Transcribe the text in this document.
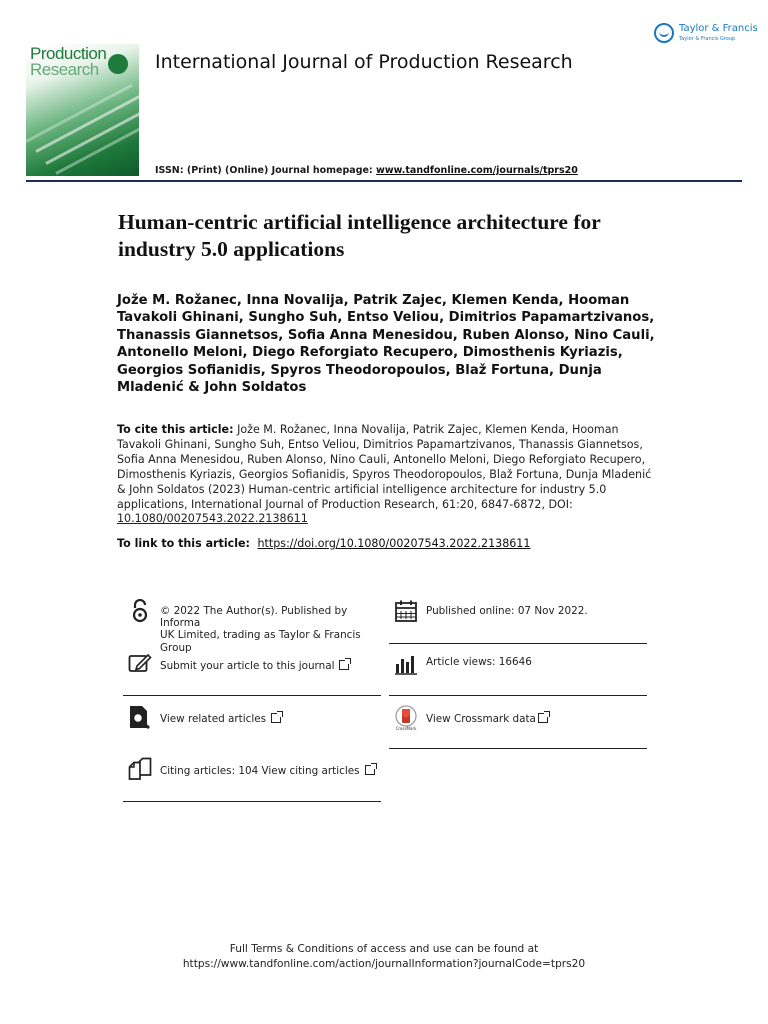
Production
Research	International Journal of Production Research
Taylor & Francis
Taylor & Francis Group
ISSN: (Print) (Online) Journal homepage: www.tandfonline.com/journals/tprs20
Human-centric artificial intelligence architecture for
industry 5.0 applications
Jože M. Rožanec, Inna Novalija, Patrik Zajec, Klemen Kenda, Hooman Tavakoli Ghinani, Sungho Suh, Entso Veliou, Dimitrios Papamartzivanos, Thanassis Giannetsos, Sofia Anna Menesidou, Ruben Alonso, Nino Cauli, Antonello Meloni, Diego Reforgiato Recupero, Dimosthenis Kyriazis, Georgios Sofianidis, Spyros Theodoropoulos, Blaž Fortuna, Dunja Mladenić & John Soldatos
To cite this article: Jože M. Rožanec, Inna Novalija, Patrik Zajec, Klemen Kenda, Hooman Tavakoli Ghinani, Sungho Suh, Entso Veliou, Dimitrios Papamartzivanos, Thanassis Giannetsos, Sofia Anna Menesidou, Ruben Alonso, Nino Cauli, Antonello Meloni, Diego Reforgiato Recupero, Dimosthenis Kyriazis, Georgios Sofianidis, Spyros Theodoropoulos, Blaž Fortuna, Dunja Mladenić & John Soldatos (2023) Human-centric artificial intelligence architecture for industry 5.0 applications, International Journal of Production Research, 61:20, 6847-6872, DOI: 10.1080/00207543.2022.2138611
To link to this article: https://doi.org/10.1080/00207543.2022.2138611
© 2022 The Author(s). Published by Informa
UK Limited, trading as Taylor & Francis
Group
Published online: 07 Nov 2022.
Submit your article to this journal	Article views: 16646
View related articles
CrossMark
View Crossmark data
Citing articles: 104 View citing articles
Full Terms & Conditions of access and use can be found at
https://www.tandfonline.com/action/journalInformation?journalCode=tprs20
